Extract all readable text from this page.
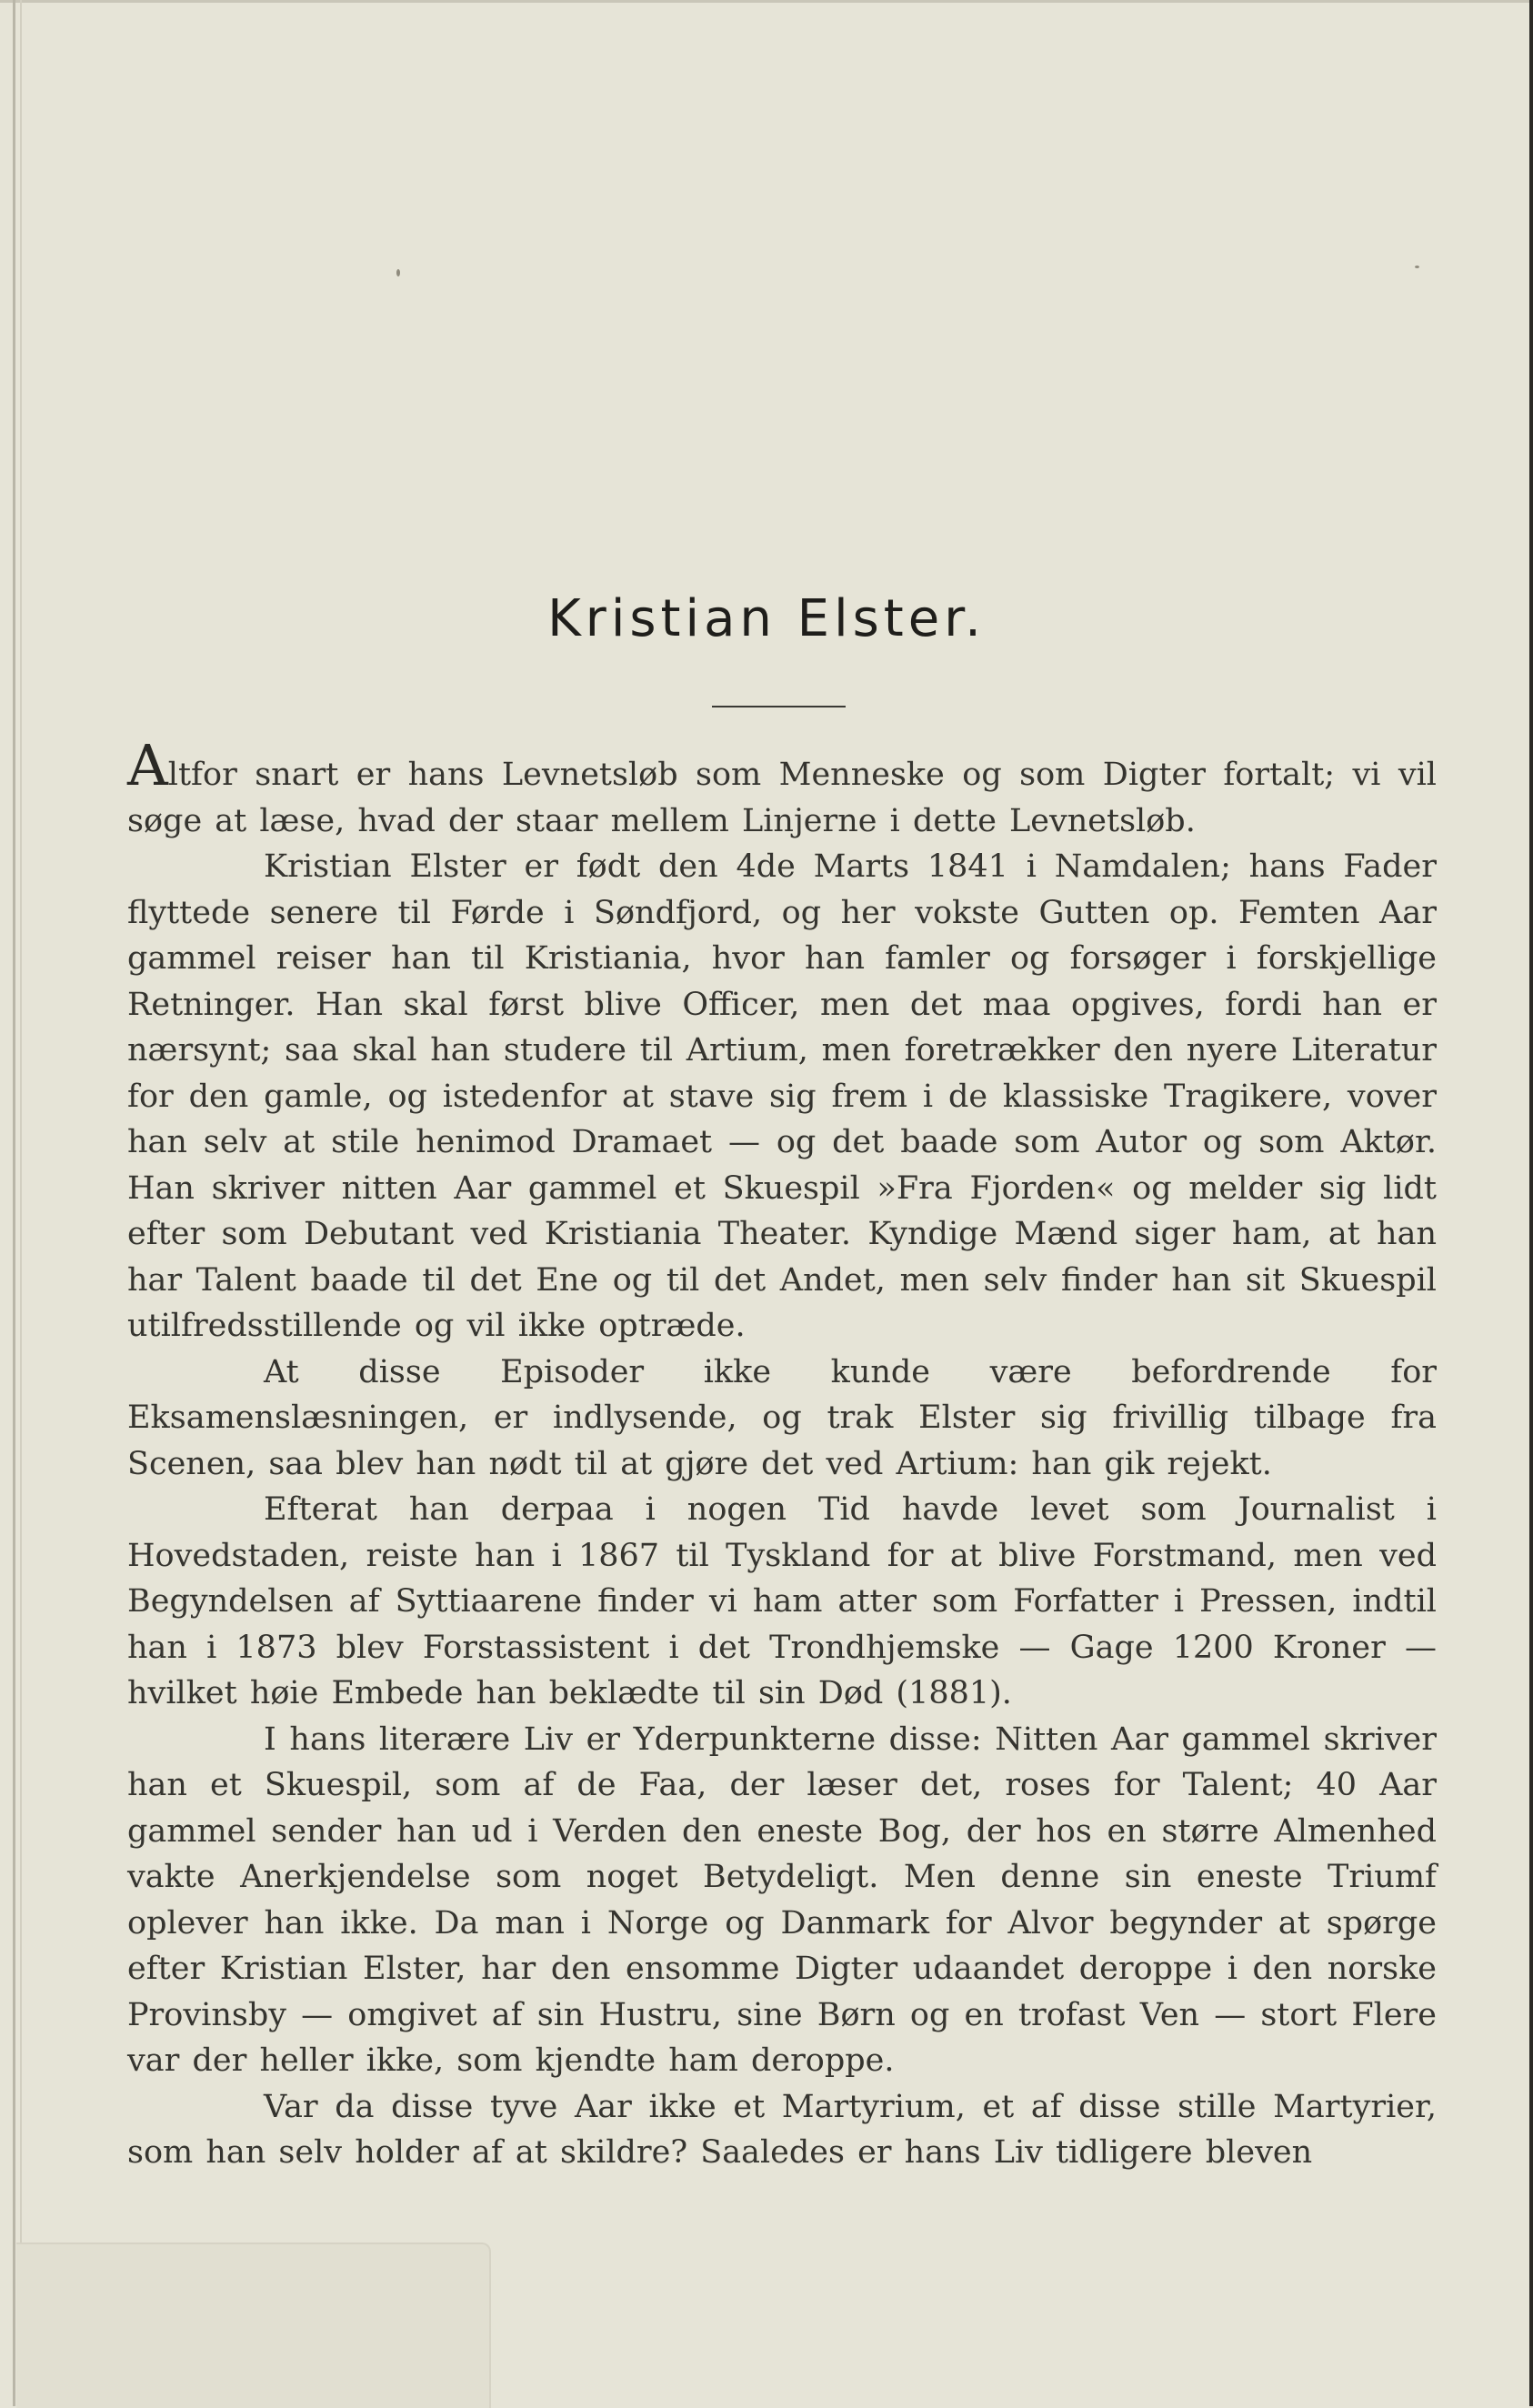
Kristian Elster.

Altfor snart er hans Levnetsløb som Menneske og som Digter fortalt; vi vil søge at læse, hvad der staar mellem Linjerne i dette Levnetsløb.

Kristian Elster er født den 4de Marts 1841 i Namdalen; hans Fader flyttede senere til Førde i Søndfjord, og her vokste Gutten op. Femten Aar gammel reiser han til Kristiania, hvor han famler og forsøger i forskjellige Retninger. Han skal først blive Officer, men det maa opgives, fordi han er nærsynt; saa skal han studere til Artium, men foretrækker den nyere Literatur for den gamle, og istedenfor at stave sig frem i de klassiske Tragikere, vover han selv at stile henimod Dramaet — og det baade som Autor og som Aktør. Han skriver nitten Aar gammel et Skuespil »Fra Fjorden« og melder sig lidt efter som Debutant ved Kristiania Theater. Kyndige Mænd siger ham, at han har Talent baade til det Ene og til det Andet, men selv finder han sit Skuespil utilfredsstillende og vil ikke optræde.

At disse Episoder ikke kunde være befordrende for Eksamenslæsningen, er indlysende, og trak Elster sig frivillig tilbage fra Scenen, saa blev han nødt til at gjøre det ved Artium: han gik rejekt.

Efterat han derpaa i nogen Tid havde levet som Journalist i Hovedstaden, reiste han i 1867 til Tyskland for at blive Forstmand, men ved Begyndelsen af Syttiaarene finder vi ham atter som Forfatter i Pressen, indtil han i 1873 blev Forstassistent i det Trondhjemske — Gage 1200 Kroner — hvilket høie Embede han beklædte til sin Død (1881).

I hans literære Liv er Yderpunkterne disse: Nitten Aar gammel skriver han et Skuespil, som af de Faa, der læser det, roses for Talent; 40 Aar gammel sender han ud i Verden den eneste Bog, der hos en større Almenhed vakte Anerkjendelse som noget Betydeligt. Men denne sin eneste Triumf oplever han ikke. Da man i Norge og Danmark for Alvor begynder at spørge efter Kristian Elster, har den ensomme Digter udaandet deroppe i den norske Provinsby — omgivet af sin Hustru, sine Børn og en trofast Ven — stort Flere var der heller ikke, som kjendte ham deroppe.

Var da disse tyve Aar ikke et Martyrium, et af disse stille Martyrier, som han selv holder af at skildre? Saaledes er hans Liv tidligere bleven
